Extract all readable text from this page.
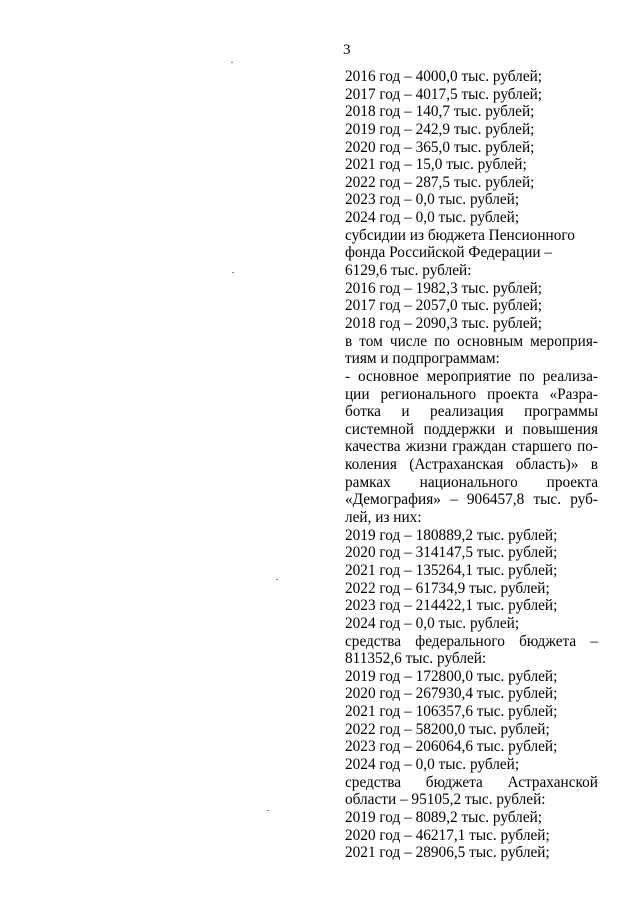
3
2016 год – 4000,0 тыс. рублей;
2017 год – 4017,5 тыс. рублей;
2018 год – 140,7 тыс. рублей;
2019 год – 242,9 тыс. рублей;
2020 год – 365,0 тыс. рублей;
2021 год – 15,0 тыс. рублей;
2022 год – 287,5 тыс. рублей;
2023 год – 0,0 тыс. рублей;
2024 год – 0,0 тыс. рублей;
субсидии из бюджета Пенсионного
фонда Российской Федерации –
6129,6 тыс. рублей:
2016 год – 1982,3 тыс. рублей;
2017 год – 2057,0 тыс. рублей;
2018 год – 2090,3 тыс. рублей;
в том числе по основным мероприя-
тиям и подпрограммам:
- основное мероприятие по реализа-
ции регионального проекта «Разра-
ботка и реализация программы
системной поддержки и повышения
качества жизни граждан старшего по-
коления (Астраханская область)» в
рамках национального проекта
«Демография» – 906457,8 тыс. руб-
лей, из них:
2019 год – 180889,2 тыс. рублей;
2020 год – 314147,5 тыс. рублей;
2021 год – 135264,1 тыс. рублей;
2022 год – 61734,9 тыс. рублей;
2023 год – 214422,1 тыс. рублей;
2024 год – 0,0 тыс. рублей;
средства федерального бюджета –
811352,6 тыс. рублей:
2019 год – 172800,0 тыс. рублей;
2020 год – 267930,4 тыс. рублей;
2021 год – 106357,6 тыс. рублей;
2022 год – 58200,0 тыс. рублей;
2023 год – 206064,6 тыс. рублей;
2024 год – 0,0 тыс. рублей;
средства бюджета Астраханской
области – 95105,2 тыс. рублей:
2019 год – 8089,2 тыс. рублей;
2020 год – 46217,1 тыс. рублей;
2021 год – 28906,5 тыс. рублей;
